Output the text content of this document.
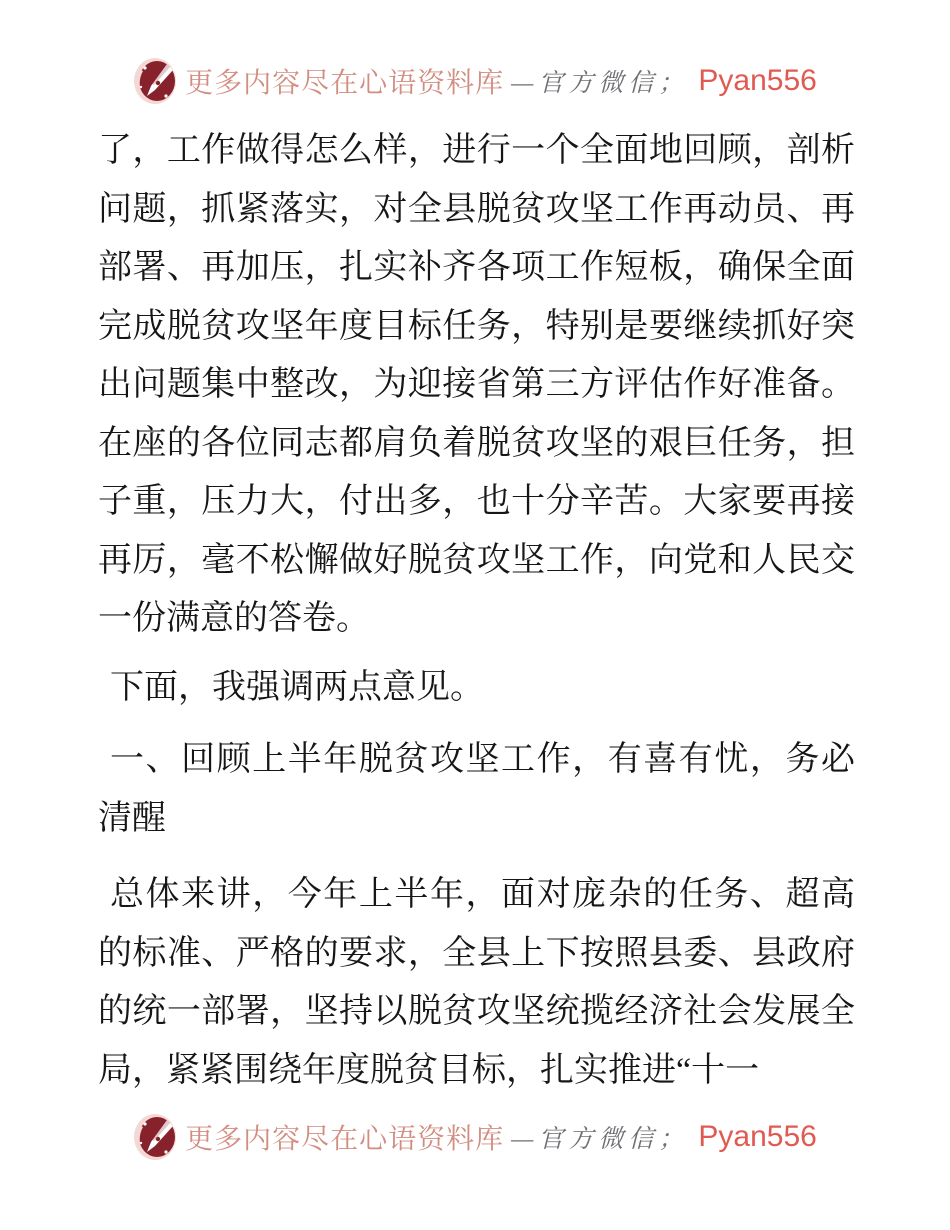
更多内容尽在心语资料库 —官方微信； Pyan556

了，工作做得怎么样，进行一个全面地回顾，剖析
问题，抓紧落实，对全县脱贫攻坚工作再动员、再
部署、再加压，扎实补齐各项工作短板，确保全面
完成脱贫攻坚年度目标任务，特别是要继续抓好突
出问题集中整改，为迎接省第三方评估作好准备。
在座的各位同志都肩负着脱贫攻坚的艰巨任务，担
子重，压力大，付出多，也十分辛苦。大家要再接
再厉，毫不松懈做好脱贫攻坚工作，向党和人民交
一份满意的答卷。

下面，我强调两点意见。

一、回顾上半年脱贫攻坚工作，有喜有忧，务必
清醒

总体来讲，今年上半年，面对庞杂的任务、超高
的标准、严格的要求，全县上下按照县委、县政府
的统一部署，坚持以脱贫攻坚统揽经济社会发展全
局，紧紧围绕年度脱贫目标，扎实推进“十一

更多内容尽在心语资料库 —官方微信； Pyan556
